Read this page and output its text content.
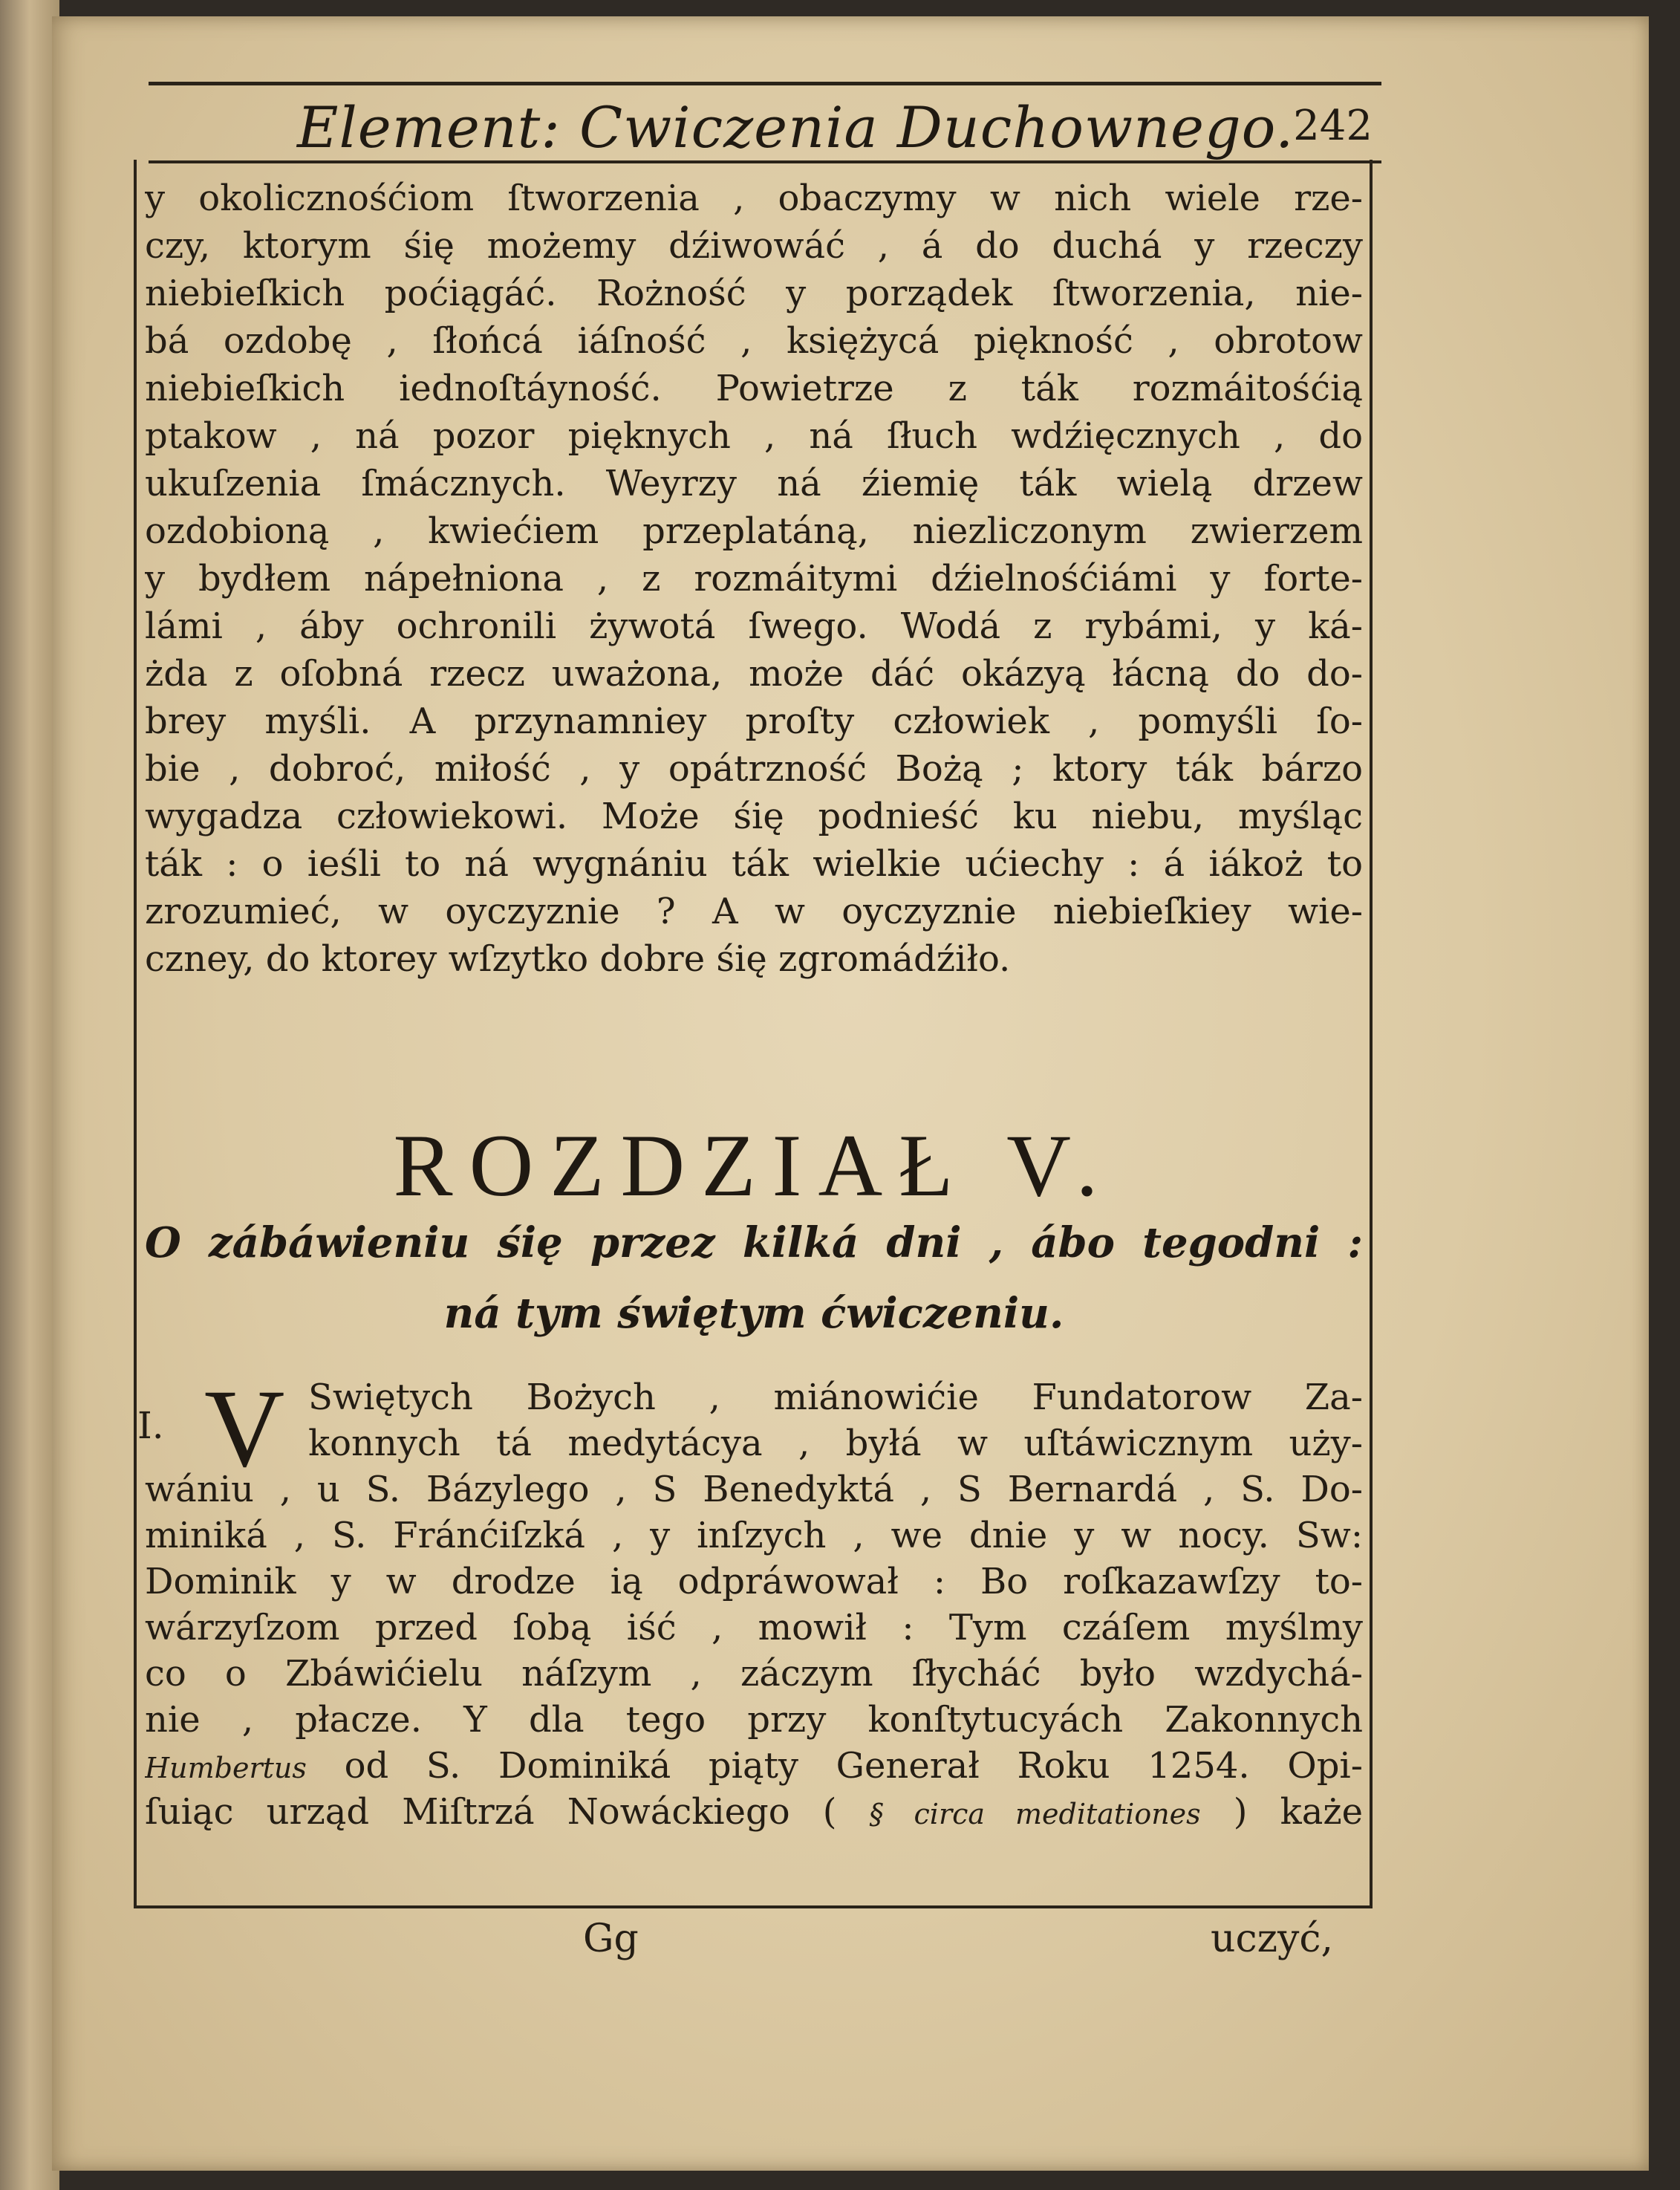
Element: Cwiczenia Duchownego.
242
y okolicznośćiom ſtworzenia , obaczymy w nich wiele rze-
czy, ktorym śię możemy dźiwowáć , á do duchá y rzeczy
niebieſkich poćiągáć. Rożność y porządek ſtworzenia, nie-
bá ozdobę , ſłońcá iáſność , księżycá piękność , obrotow
niebieſkich iednoſtáyność. Powietrze z ták rozmáitośćią
ptakow , ná pozor pięknych , ná ſłuch wdźięcznych , do
ukuſzenia ſmácznych. Weyrzy ná źiemię ták wielą drzew
ozdobioną , kwiećiem przeplatáną, niezliczonym zwierzem
y bydłem nápełniona , z rozmáitymi dźielnośćiámi y forte-
lámi , áby ochronili żywotá ſwego. Wodá z rybámi, y ká-
żda z oſobná rzecz uważona, może dáć okázyą łácną do do-
brey myśli. A przynamniey proſty człowiek , pomyśli ſo-
bie , dobroć, miłość , y opátrzność Bożą ; ktory ták bárzo
wygadza człowiekowi. Może śię podnieść ku niebu, myśląc
ták : o ieśli to ná wygnániu ták wielkie ućiechy : á iákoż to
zrozumieć, w oyczyznie ? A w oyczyznie niebieſkiey wie-
czney, do ktorey wſzytko dobre śię zgromádźiło.
ROZDZIAŁ V.
O zábáwieniu śię przez kilká dni , ábo tegodni :
ná tym świętym ćwiczeniu.
I. V Swiętych Bożych , miánowićie Fundatorow Za-
konnych tá medytácya , byłá w uſtáwicznym uży-
wániu , u S. Bázylego , S Benedyktá , S Bernardá , S. Do-
miniká , S. Fránćiſzká , y inſzych , we dnie y w nocy. Sw:
Dominik y w drodze ią odpráwował : Bo roſkazawſzy to-
wárzyſzom przed ſobą iść , mowił : Tym czáſem myślmy
co o Zbáwićielu náſzym , záczym ſłycháć było wzdychá-
nie , płacze. Y dla tego przy konſtytucyách Zakonnych
Humbertus od S. Dominiká piąty Generał Roku 1254. Opi-
ſuiąc urząd Miſtrzá Nowáckiego ( § circa meditationes ) każe
Gg	uczyć,
